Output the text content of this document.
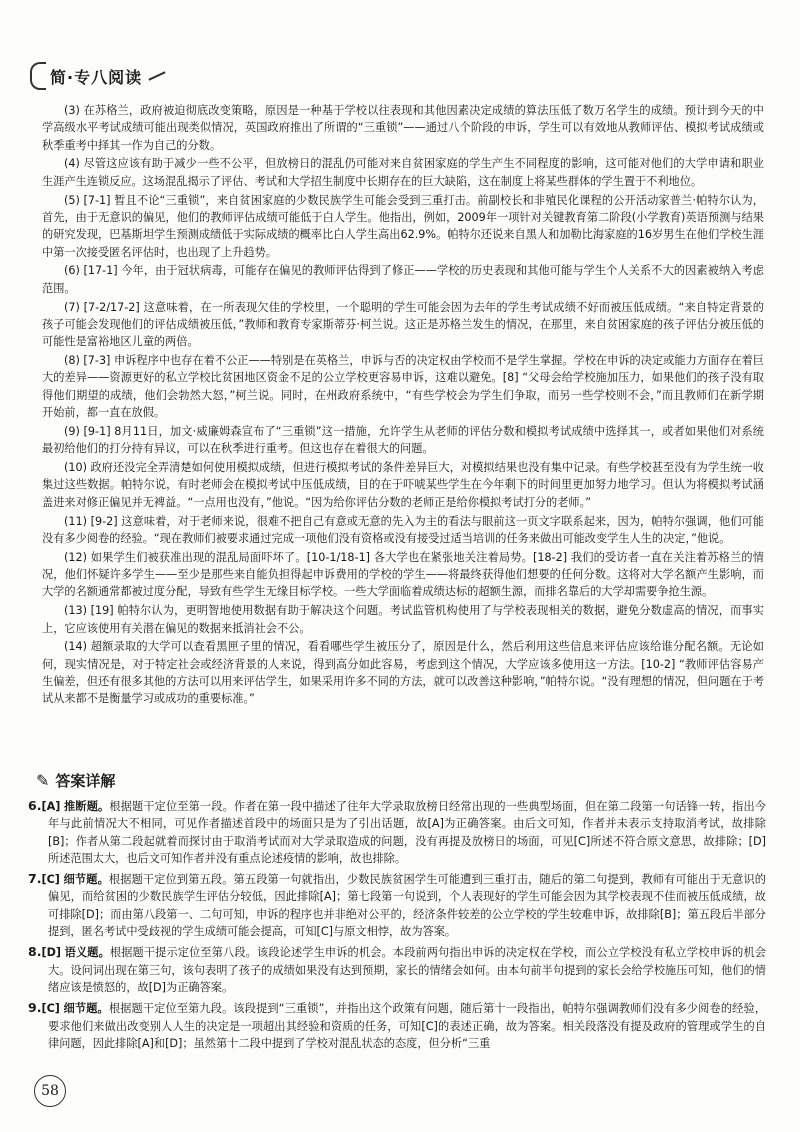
简·专八阅读

(3) 在苏格兰，政府被迫彻底改变策略，原因是一种基于学校以往表现和其他因素决定成绩的算法压低了数万名学生的成绩。预计到今天的中学高级水平考试成绩可能出现类似情况，英国政府推出了所谓的“三重锁”——通过八个阶段的申诉，学生可以有效地从教师评估、模拟考试成绩或秋季重考中择其一作为自己的分数。

(4) 尽管这应该有助于减少一些不公平，但放榜日的混乱仍可能对来自贫困家庭的学生产生不同程度的影响，这可能对他们的大学申请和职业生涯产生连锁反应。这场混乱揭示了评估、考试和大学招生制度中长期存在的巨大缺陷，这在制度上将某些群体的学生置于不利地位。

(5) [7-1] 暂且不论“三重锁”，来自贫困家庭的少数民族学生可能会受到三重打击。前副校长和非殖民化课程的公开活动家普兰·帕特尔认为，首先，由于无意识的偏见，他们的教师评估成绩可能低于白人学生。他指出，例如，2009年一项针对关键教育第二阶段(小学教育)英语预测与结果的研究发现，巴基斯坦学生预测成绩低于实际成绩的概率比白人学生高出62.9%。帕特尔还说来自黑人和加勒比海家庭的16岁男生在他们学校生涯中第一次接受匿名评估时，也出现了上升趋势。

(6) [17-1] 今年，由于冠状病毒，可能存在偏见的教师评估得到了修正——学校的历史表现和其他可能与学生个人关系不大的因素被纳入考虑范围。

(7) [7-2/17-2] 这意味着，在一所表现欠佳的学校里，一个聪明的学生可能会因为去年的学生考试成绩不好而被压低成绩。“来自特定背景的孩子可能会发现他们的评估成绩被压低，”教师和教育专家斯蒂芬·柯兰说。这正是苏格兰发生的情况，在那里，来自贫困家庭的孩子评估分被压低的可能性是富裕地区儿童的两倍。

(8) [7-3] 申诉程序中也存在着不公正——特别是在英格兰，申诉与否的决定权由学校而不是学生掌握。学校在申诉的决定或能力方面存在着巨大的差异——资源更好的私立学校比贫困地区资金不足的公立学校更容易申诉，这难以避免。[8] “父母会给学校施加压力，如果他们的孩子没有取得他们期望的成绩，他们会勃然大怒，”柯兰说。同时，在州政府系统中，“有些学校会为学生们争取，而另一些学校则不会，”而且教师们在新学期开始前，都一直在放假。

(9) [9-1] 8月11日，加文·威廉姆森宣布了“三重锁”这一措施，允许学生从老师的评估分数和模拟考试成绩中选择其一，或者如果他们对系统最初给他们的打分持有异议，可以在秋季进行重考。但这也存在着很大的问题。

(10) 政府还没完全弄清楚如何使用模拟成绩，但进行模拟考试的条件差异巨大，对模拟结果也没有集中记录。有些学校甚至没有为学生统一收集过这些数据。帕特尔说，有时老师会在模拟考试中压低成绩，目的在于吓唬某些学生在今年剩下的时间里更加努力地学习。但认为将模拟考试涵盖进来对修正偏见并无裨益。“一点用也没有，”他说。“因为给你评估分数的老师正是给你模拟考试打分的老师。”

(11) [9-2] 这意味着，对于老师来说，很难不把自己有意或无意的先入为主的看法与眼前这一页文字联系起来，因为，帕特尔强调，他们可能没有多少阅卷的经验。“现在教师们被要求通过完成一项他们没有资格或没有接受过适当培训的任务来做出可能改变学生人生的决定，”他说。

(12) 如果学生们被获准出现的混乱局面吓坏了。[10-1/18-1] 各大学也在紧张地关注着局势。[18-2] 我们的受访者一直在关注着苏格兰的情况，他们怀疑许多学生——至少是那些来自能负担得起申诉费用的学校的学生——将最终获得他们想要的任何分数。这将对大学名额产生影响，而大学的名额通常都被过度分配，导致有些学生无缘目标学校。一些大学面临着成绩达标的超额生源，而排名靠后的大学却需要争抢生源。

(13) [19] 帕特尔认为，更明智地使用数据有助于解决这个问题。考试监管机构使用了与学校表现相关的数据，避免分数虚高的情况，而事实上，它应该使用有关潜在偏见的数据来抵消社会不公。

(14) 超额录取的大学可以查看黑匣子里的情况，看看哪些学生被压分了，原因是什么，然后利用这些信息来评估应该给谁分配名额。无论如何，现实情况是，对于特定社会或经济背景的人来说，得到高分如此容易，考虑到这个情况，大学应该多使用这一方法。[10-2] “教师评估容易产生偏差，但还有很多其他的方法可以用来评估学生，如果采用许多不同的方法，就可以改善这种影响，”帕特尔说。“没有理想的情况，但问题在于考试从来都不是衡量学习或成功的重要标准。”

✎ 答案详解

6.[A] 推断题。根据题干定位至第一段。作者在第一段中描述了往年大学录取放榜日经常出现的一些典型场面，但在第二段第一句话锋一转，指出今年与此前情况大不相同，可见作者描述首段中的场面只是为了引出话题，故[A]为正确答案。由后文可知，作者并未表示支持取消考试，故排除[B]；作者从第二段起就着而探讨由于取消考试而对大学录取造成的问题，没有再提及放榜日的场面，可见[C]所述不符合原文意思，故排除；[D]所述范围太大，也后文可知作者并没有重点论述疫情的影响，故也排除。

7.[C] 细节题。根据题干定位到第五段。第五段第一句就指出，少数民族贫困学生可能遭到三重打击，随后的第二句提到，教师有可能出于无意识的偏见，而给贫困的少数民族学生评估分较低，因此排除[A]；第七段第一句说到，个人表现好的学生可能会因为其学校表现不佳而被压低成绩，故可排除[D]；而由第八段第一、二句可知，申诉的程序也并非绝对公平的，经济条件较差的公立学校的学生较难申诉，故排除[B]；第五段后半部分提到，匿名考试中受歧视的学生成绩可能会提高，可知[C]与原文相悖，故为答案。

8.[D] 语义题。根据题干提示定位至第八段。该段论述学生申诉的机会。本段前两句指出申诉的决定权在学校，而公立学校没有私立学校申诉的机会大。设问词出现在第三句，该句表明了孩子的成绩如果没有达到预期，家长的情绪会如何。由本句前半句提到的家长会给学校施压可知，他们的情绪应该是愤怒的，故[D]为正确答案。

9.[C] 细节题。根据题干定位至第九段。该段提到“三重锁”，并指出这个政策有问题，随后第十一段指出，帕特尔强调教师们没有多少阅卷的经验，要求他们来做出改变别人人生的决定是一项超出其经验和资质的任务，可知[C]的表述正确，故为答案。相关段落没有提及政府的管理或学生的自律问题，因此排除[A]和[D]；虽然第十二段中提到了学校对混乱状态的态度，但分析“三重

58
